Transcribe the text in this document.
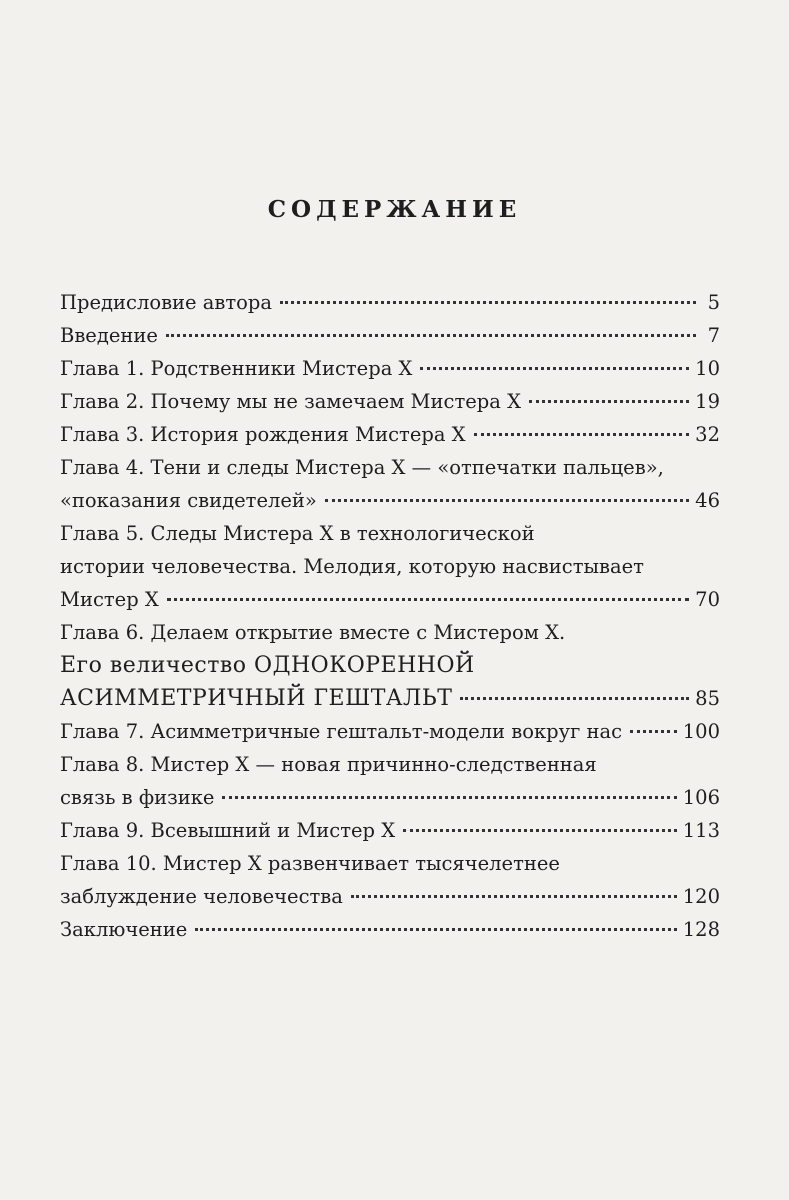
СОДЕРЖАНИЕ
Предисловие автора	5
Введение	7
Глава 1. Родственники Мистера Х	10
Глава 2. Почему мы не замечаем Мистера Х	19
Глава 3. История рождения Мистера Х	32
Глава 4. Тени и следы Мистера Х — «отпечатки пальцев»,
«показания свидетелей»	46
Глава 5. Следы Мистера Х в технологической
истории человечества. Мелодия, которую насвистывает
Мистер Х	70
Глава 6. Делаем открытие вместе с Мистером Х.
Его величество ОДНОКОРЕННОЙ
АСИММЕТРИЧНЫЙ ГЕШТАЛЬТ	85
Глава 7. Асимметричные гештальт-модели вокруг нас	100
Глава 8. Мистер Х — новая причинно-следственная
связь в физике	106
Глава 9. Всевышний и Мистер Х	113
Глава 10. Мистер Х развенчивает тысячелетнее
заблуждение человечества	120
Заключение	128
